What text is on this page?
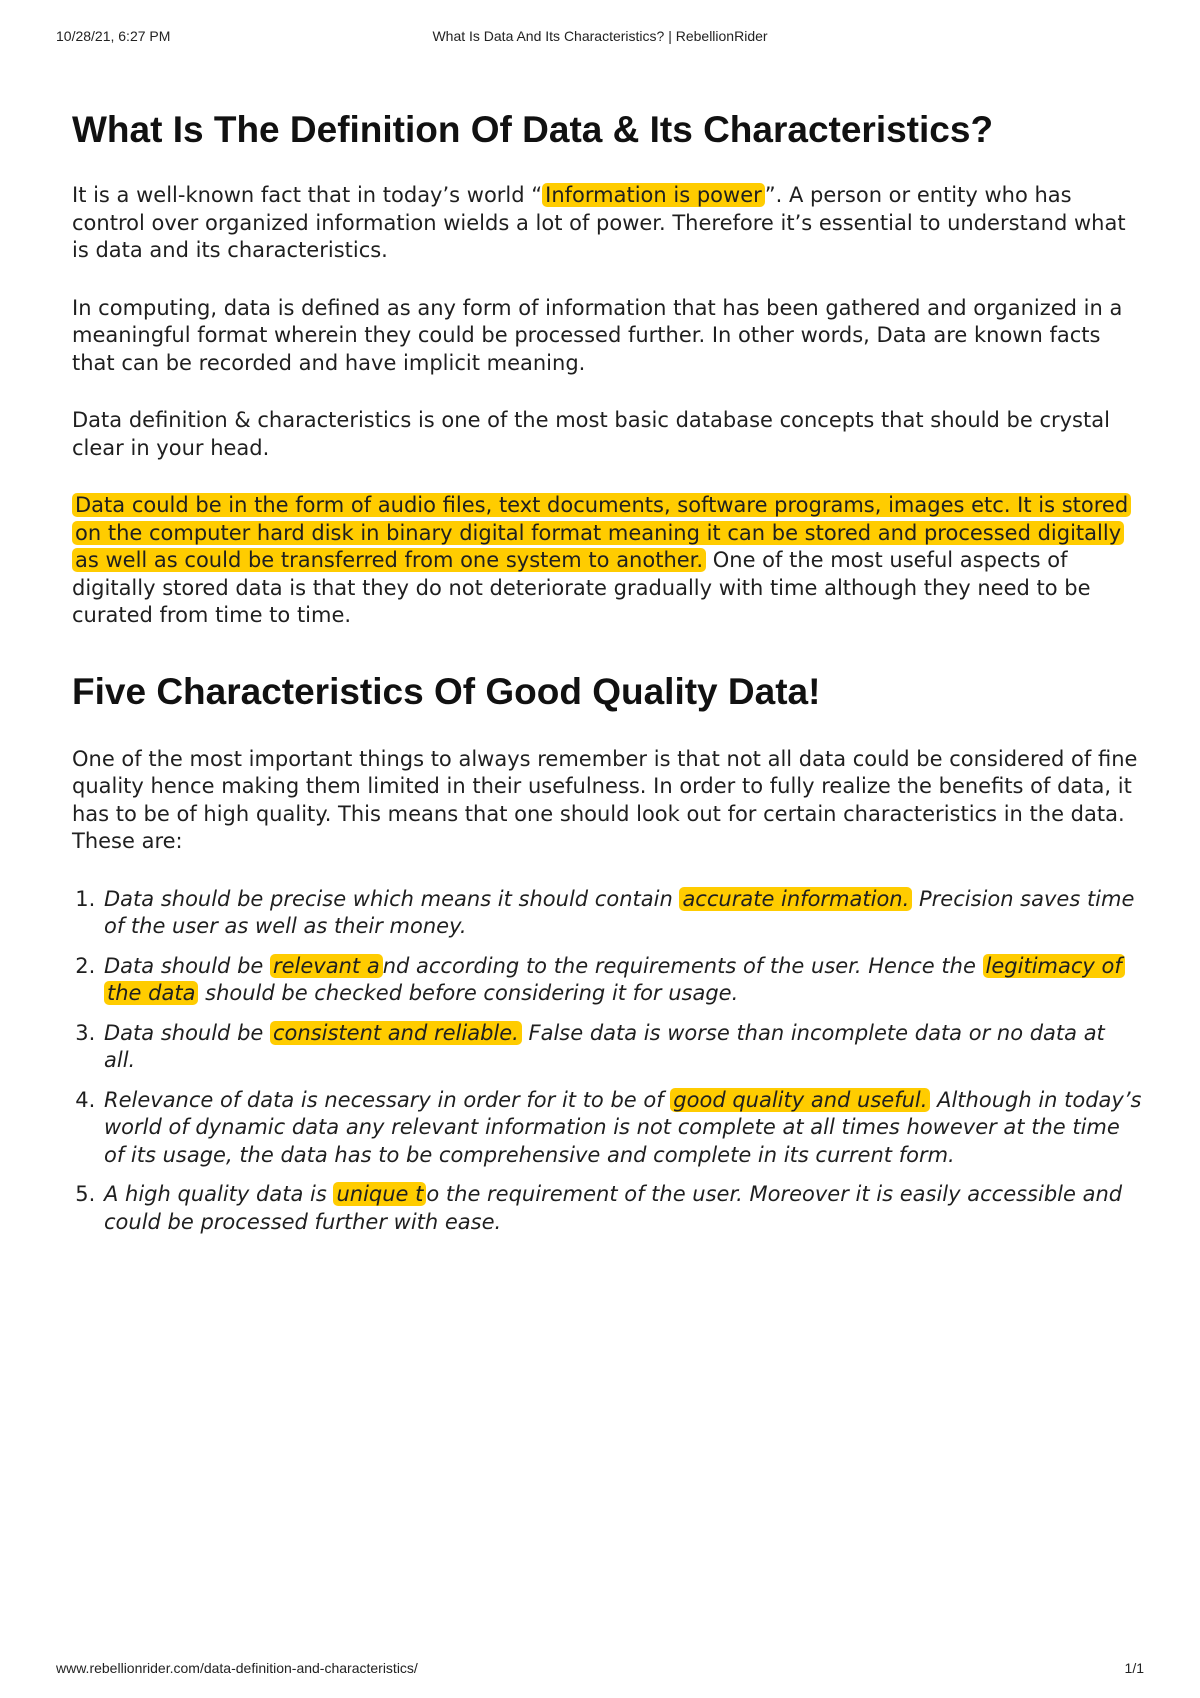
10/28/21, 6:27 PM	What Is Data And Its Characteristics? | RebellionRider
What Is The Definition Of Data & Its Characteristics?

It is a well-known fact that in today’s world “ Information is power ”. A person or entity who has control over organized information wields a lot of power. Therefore it’s essential to understand what is data and its characteristics.

In computing, data is defined as any form of information that has been gathered and organized in a meaningful format wherein they could be processed further. In other words, Data are known facts that can be recorded and have implicit meaning.

Data definition & characteristics is one of the most basic database concepts that should be crystal clear in your head.

Data could be in the form of audio files, text documents, software programs, images etc. It is stored on the computer hard disk in binary digital format meaning it can be stored and processed digitally as well as could be transferred from one system to another. One of the most useful aspects of digitally stored data is that they do not deteriorate gradually with time although they need to be curated from time to time.

Five Characteristics Of Good Quality Data!

One of the most important things to always remember is that not all data could be considered of fine quality hence making them limited in their usefulness. In order to fully realize the benefits of data, it has to be of high quality. This means that one should look out for certain characteristics in the data. These are:

1. Data should be precise which means it should contain accurate information. Precision saves time of the user as well as their money.
2. Data should be relevant a nd according to the requirements of the user. Hence the legitimacy of the data should be checked before considering it for usage.
3. Data should be consistent and reliable. False data is worse than incomplete data or no data at all.
4. Relevance of data is necessary in order for it to be of good quality and useful. Although in today’s world of dynamic data any relevant information is not complete at all times however at the time of its usage, the data has to be comprehensive and complete in its current form.
5. A high quality data is unique t o the requirement of the user. Moreover it is easily accessible and could be processed further with ease.
www.rebellionrider.com/data-definition-and-characteristics/	1/1
